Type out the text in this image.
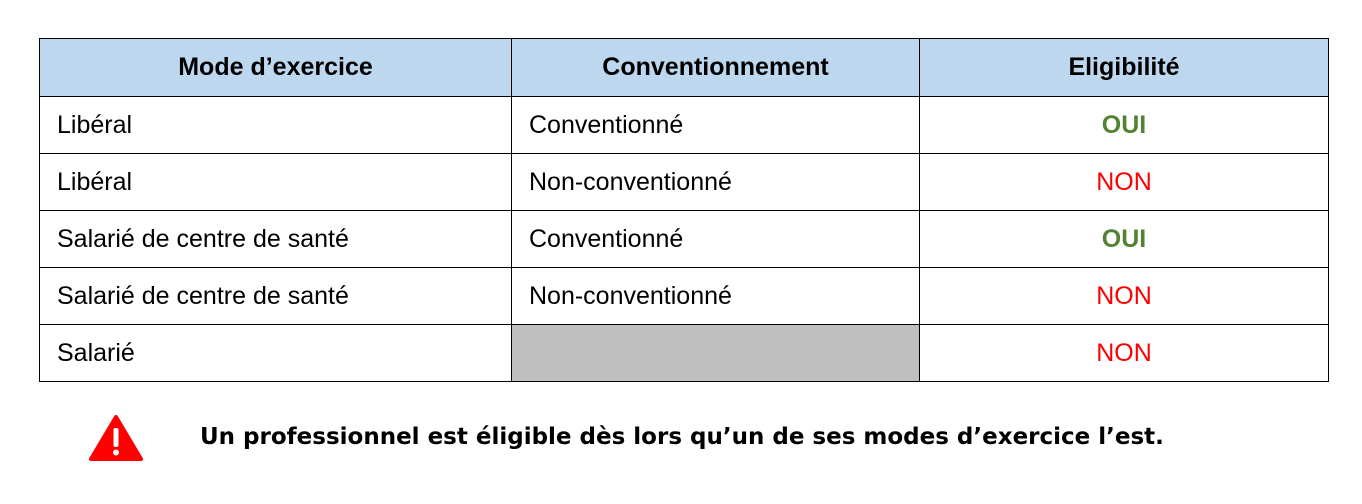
Mode d’exercice	Conventionnement	Eligibilité
Libéral	Conventionné	OUI
Libéral	Non-conventionné	NON
Salarié de centre de santé	Conventionné	OUI
Salarié de centre de santé	Non-conventionné	NON
Salarié		NON
Un professionnel est éligible dès lors qu’un de ses modes d’exercice l’est.
